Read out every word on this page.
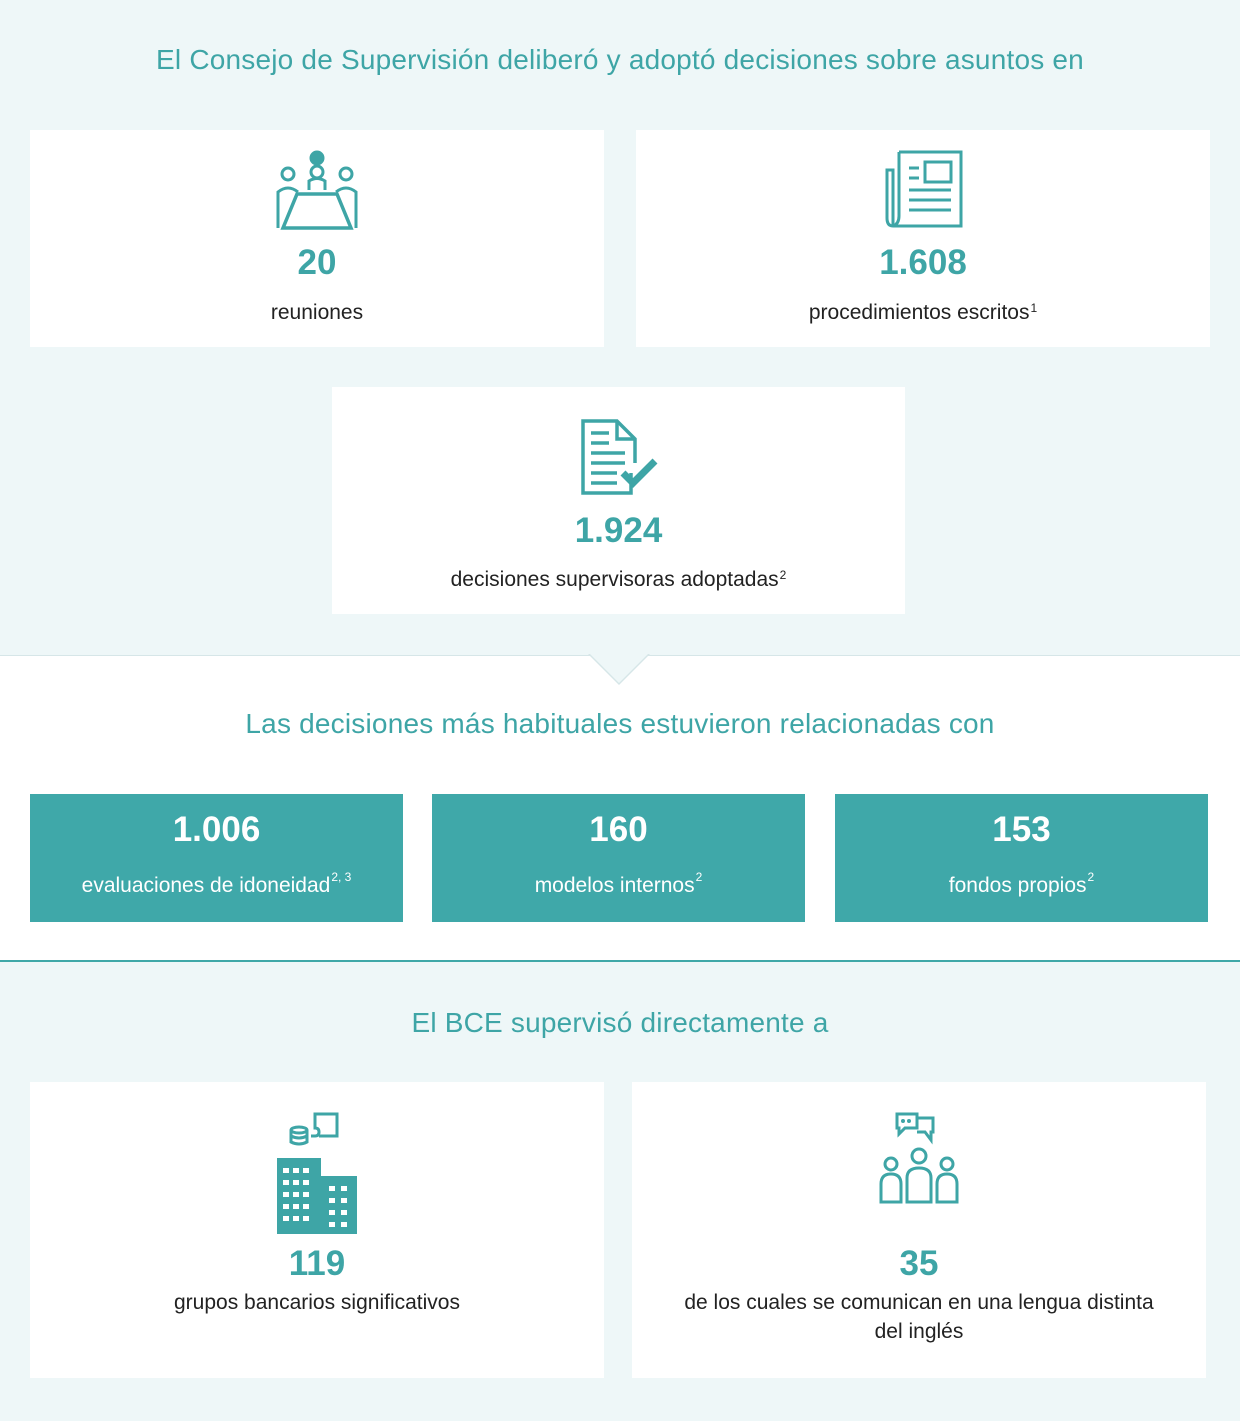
El Consejo de Supervisión deliberó y adoptó decisiones sobre asuntos en
20
reuniones
1.608
procedimientos escritos$^1$
1.924
decisiones supervisoras adoptadas$^2$
Las decisiones más habituales estuvieron relacionadas con
1.006
evaluaciones de idoneidad$^{2, 3}$
160
modelos internos$^2$
153
fondos propios$^2$
El BCE supervisó directamente a
119
grupos bancarios significativos
35
de los cuales se comunican en una lengua distinta
del inglés
